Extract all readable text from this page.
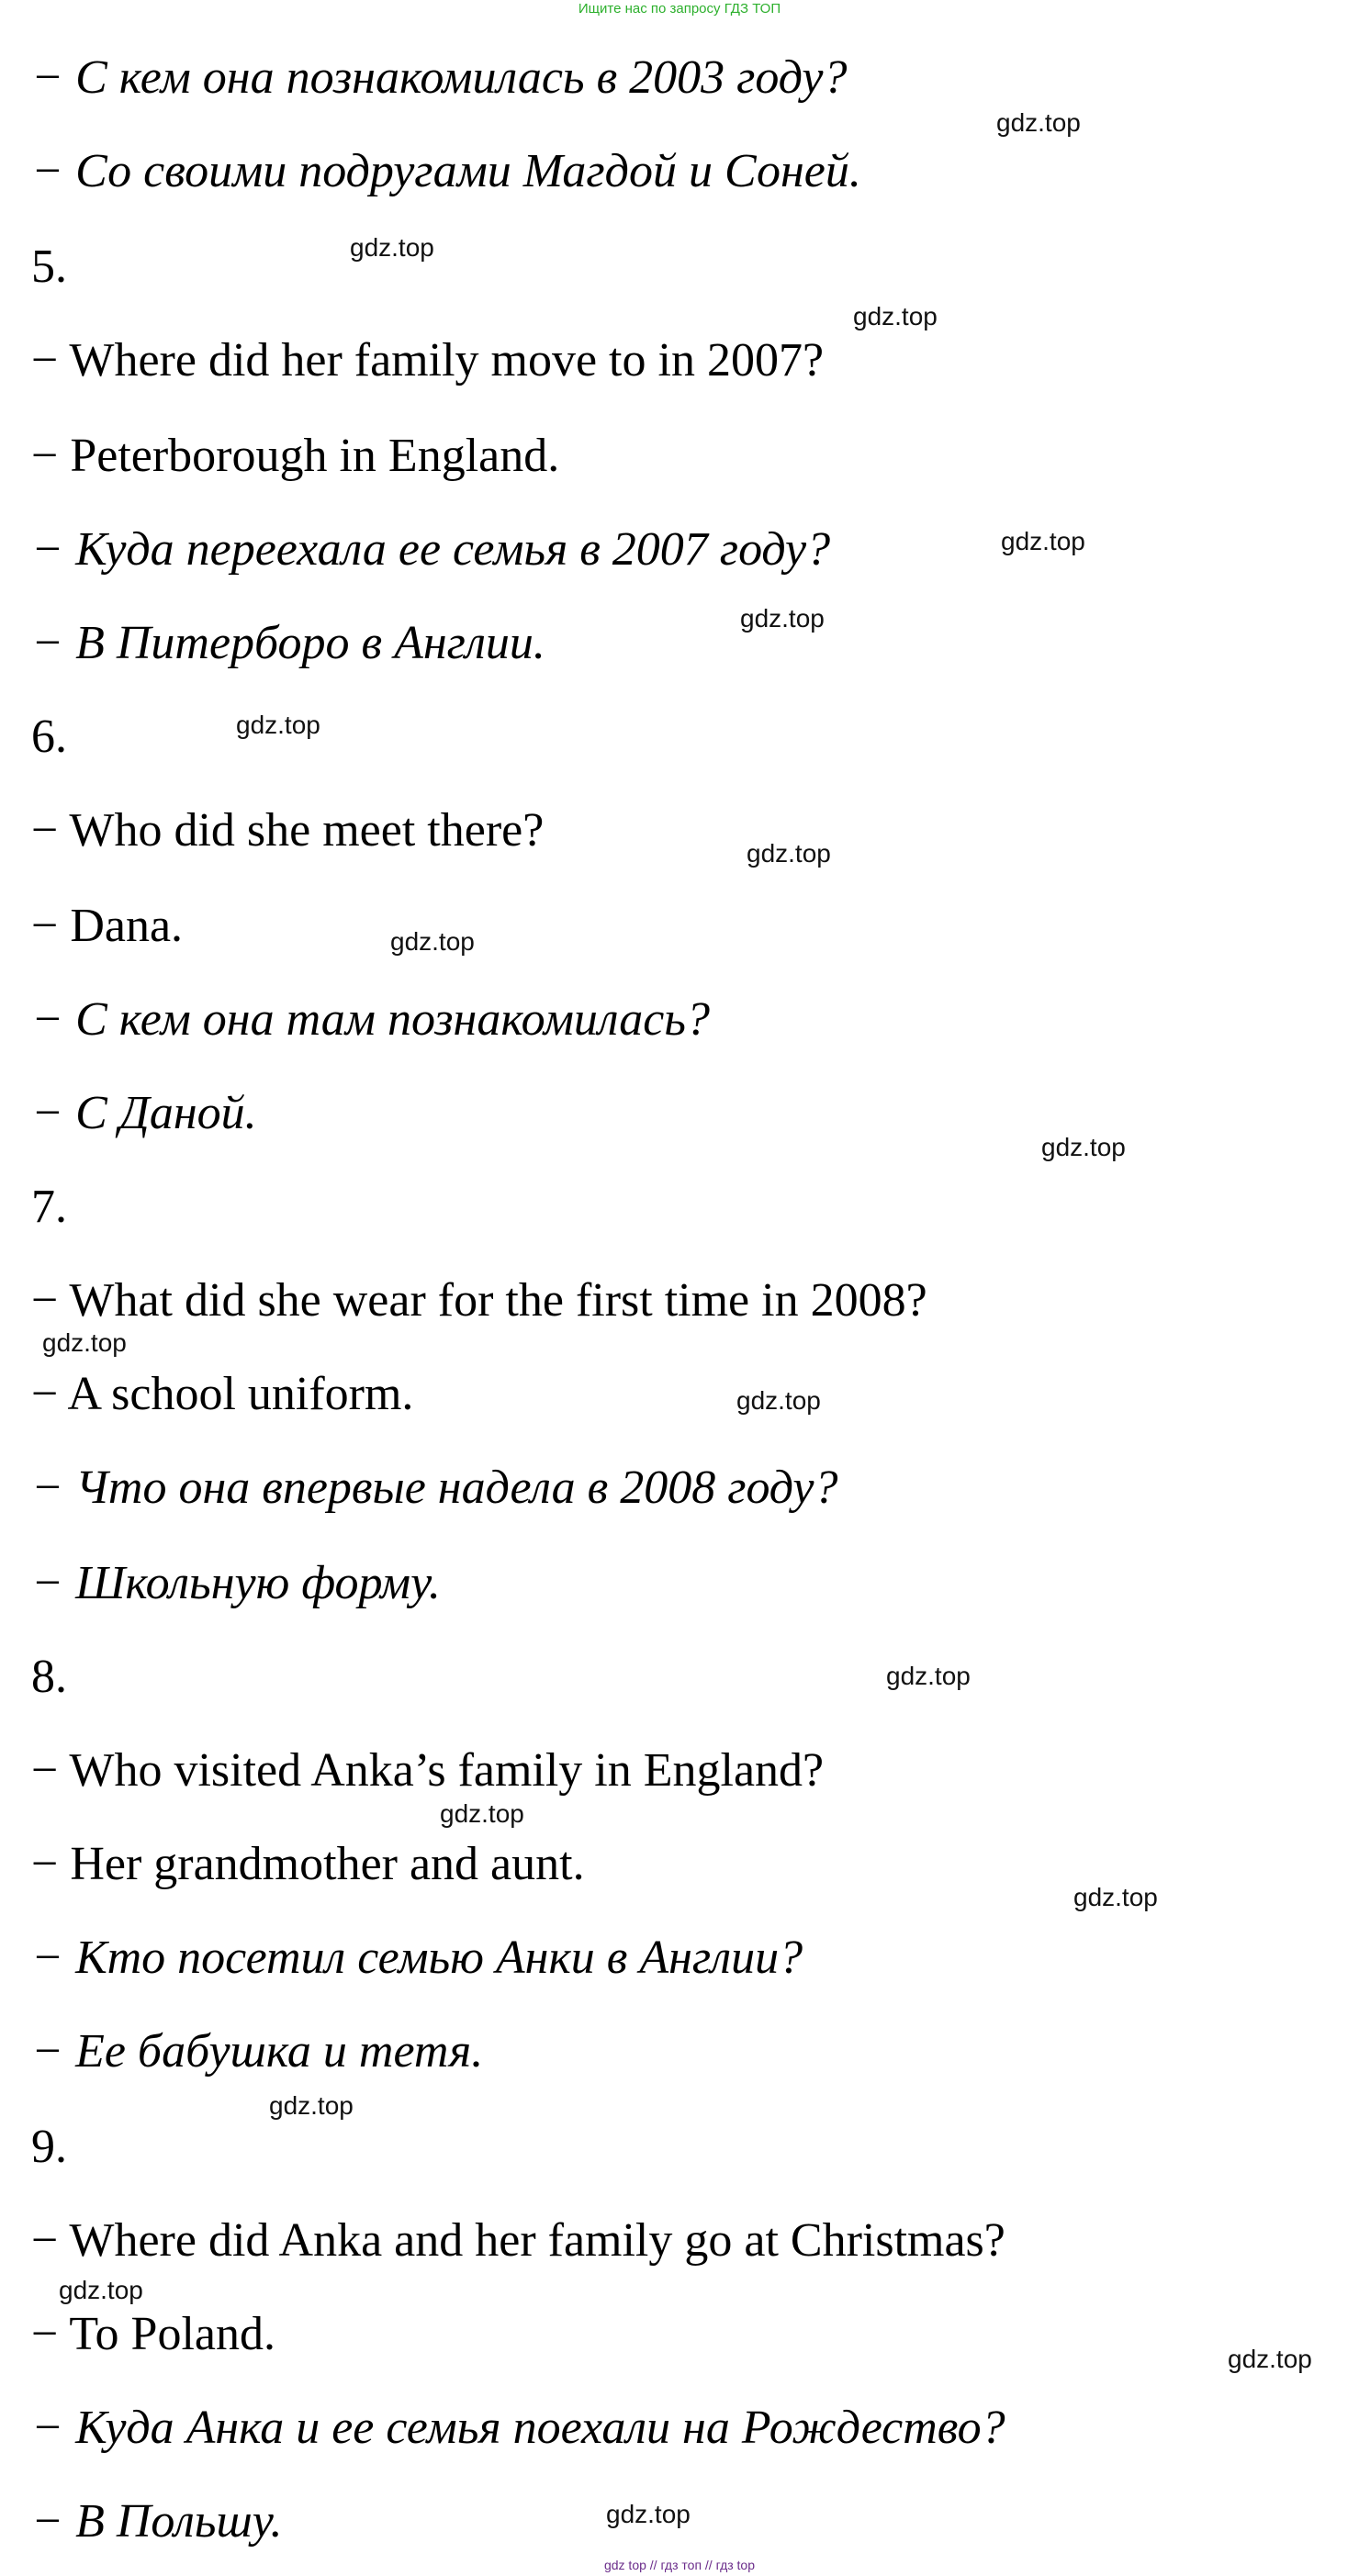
Ищите нас по запросу ГДЗ ТОП
− С кем она познакомилась в 2003 году?
− Со своими подругами Магдой и Соней.
5.
− Where did her family move to in 2007?
− Peterborough in England.
− Куда переехала ее семья в 2007 году?
− В Питерборо в Англии.
6.
− Who did she meet there?
− Dana.
− С кем она там познакомилась?
− С Даной.
7.
− What did she wear for the first time in 2008?
− A school uniform.
− Что она впервые надела в 2008 году?
− Школьную форму.
8.
− Who visited Anka’s family in England?
− Her grandmother and aunt.
− Кто посетил семью Анки в Англии?
− Ее бабушка и тетя.
9.
− Where did Anka and her family go at Christmas?
− To Poland.
− Куда Анка и ее семья поехали на Рождество?
− В Польшу.
gdz.top
gdz.top
gdz.top
gdz.top
gdz.top
gdz.top
gdz.top
gdz.top
gdz.top
gdz.top
gdz.top
gdz.top
gdz.top
gdz.top
gdz.top
gdz.top
gdz.top
gdz.top
gdz top // гдз топ // гдз top
